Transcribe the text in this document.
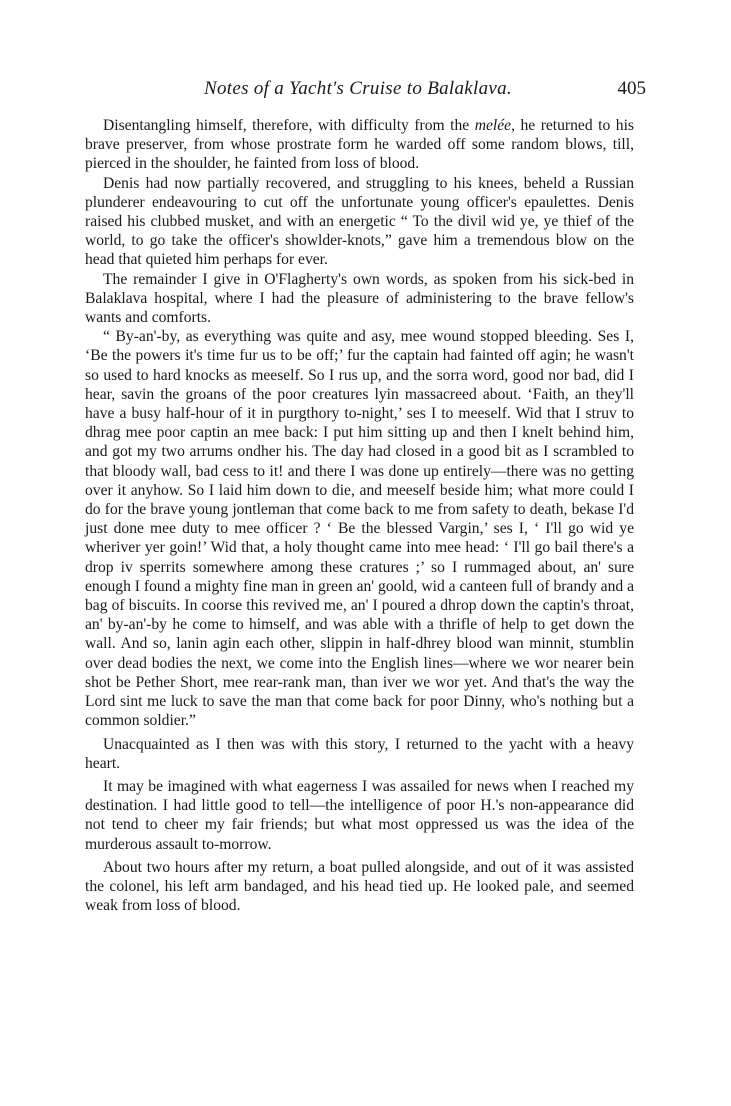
Notes of a Yacht's Cruise to Balaklava.	405

Disentangling himself, therefore, with difficulty from the melée, he returned to his brave preserver, from whose prostrate form he warded off some random blows, till, pierced in the shoulder, he fainted from loss of blood.

Denis had now partially recovered, and struggling to his knees, beheld a Russian plunderer endeavouring to cut off the unfortunate young officer's epaulettes. Denis raised his clubbed musket, and with an energetic “ To the divil wid ye, ye thief of the world, to go take the officer's showlder-knots,” gave him a tremendous blow on the head that quieted him perhaps for ever.

The remainder I give in O'Flagherty's own words, as spoken from his sick-bed in Balaklava hospital, where I had the pleasure of administering to the brave fellow's wants and comforts.

“ By-an'-by, as everything was quite and asy, mee wound stopped bleeding. Ses I, ‘Be the powers it's time fur us to be off;’ fur the captain had fainted off agin; he wasn't so used to hard knocks as meeself. So I rus up, and the sorra word, good nor bad, did I hear, savin the groans of the poor creatures lyin massacreed about. ‘Faith, an they'll have a busy half-hour of it in purgthory to-night,’ ses I to meeself. Wid that I struv to dhrag mee poor captin an mee back: I put him sitting up and then I knelt behind him, and got my two arrums ondher his. The day had closed in a good bit as I scrambled to that bloody wall, bad cess to it! and there I was done up entirely—there was no getting over it anyhow. So I laid him down to die, and meeself beside him; what more could I do for the brave young jontleman that come back to me from safety to death, bekase I'd just done mee duty to mee officer ? ‘ Be the blessed Vargin,’ ses I, ‘ I'll go wid ye wheriver yer goin!’ Wid that, a holy thought came into mee head: ‘ I'll go bail there's a drop iv sperrits somewhere among these cratures ;’ so I rummaged about, an' sure enough I found a mighty fine man in green an' goold, wid a canteen full of brandy and a bag of biscuits. In coorse this revived me, an' I poured a dhrop down the captin's throat, an' by-an'-by he come to himself, and was able with a thrifle of help to get down the wall. And so, lanin agin each other, slippin in half-dhrey blood wan minnit, stumblin over dead bodies the next, we come into the English lines—where we wor nearer bein shot be Pether Short, mee rear-rank man, than iver we wor yet. And that's the way the Lord sint me luck to save the man that come back for poor Dinny, who's nothing but a common soldier.”

Unacquainted as I then was with this story, I returned to the yacht with a heavy heart.

It may be imagined with what eagerness I was assailed for news when I reached my destination. I had little good to tell—the intelligence of poor H.'s non-appearance did not tend to cheer my fair friends; but what most oppressed us was the idea of the murderous assault to-morrow.

About two hours after my return, a boat pulled alongside, and out of it was assisted the colonel, his left arm bandaged, and his head tied up. He looked pale, and seemed weak from loss of blood.
